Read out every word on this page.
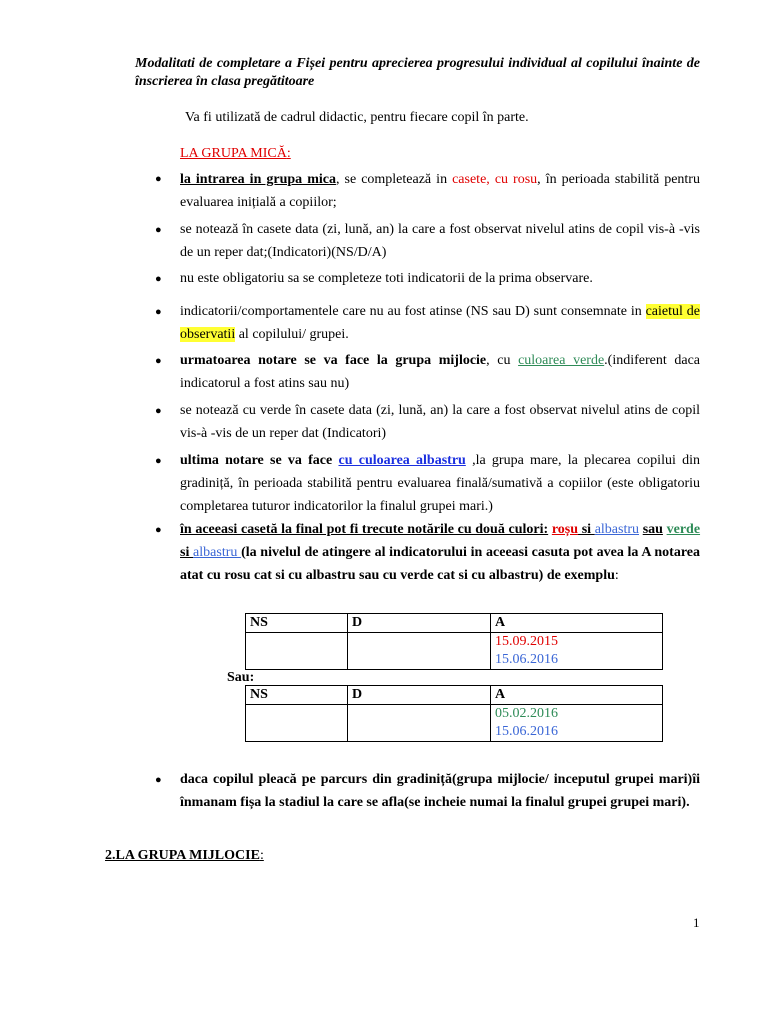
Modalitati de completare a Fișei pentru aprecierea progresului individual al copilului înainte de înscrierea în clasa pregătitoare
Va fi utilizată de cadrul didactic, pentru fiecare copil în parte.
LA GRUPA MICĂ:
● la intrarea in grupa mica, se completează in casete, cu rosu, în perioada stabilită pentru evaluarea inițială a copiilor;
● se notează în casete data (zi, lună, an) la care a fost observat nivelul atins de copil vis-à -vis de un reper dat;(Indicatori)(NS/D/A)
● nu este obligatoriu sa se completeze toti indicatorii de la prima observare.
● indicatorii/comportamentele care nu au fost atinse (NS sau D) sunt consemnate in caietul de observatii al copilului/ grupei.
● urmatoarea notare se va face la grupa mijlocie, cu culoarea verde.(indiferent daca indicatorul a fost atins sau nu)
● se notează cu verde în casete data (zi, lună, an) la care a fost observat nivelul atins de copil vis-à -vis de un reper dat (Indicatori)
● ultima notare se va face cu culoarea albastru ,la grupa mare, la plecarea copilui din gradiniță, în perioada stabilită pentru evaluarea finală/sumativă a copiilor (este obligatoriu completarea tuturor indicatorilor la finalul grupei mari.)
● în aceeasi casetă la final pot fi trecute notările cu două culori: roșu si albastru sau verde si albastru (la nivelul de atingere al indicatorului in aceeasi casuta pot avea la A notarea atat cu rosu cat si cu albastru sau cu verde cat si cu albastru) de exemplu:
NS	D	A

		15.09.2015
15.06.2016
Sau:
NS	D	A

		05.02.2016
15.06.2016
● daca copilul pleacă pe parcurs din gradiniță(grupa mijlocie/ inceputul grupei mari)îi înmanam fișa la stadiul la care se afla(se incheie numai la finalul grupei grupei mari).
2.LA GRUPA MIJLOCIE:
1
